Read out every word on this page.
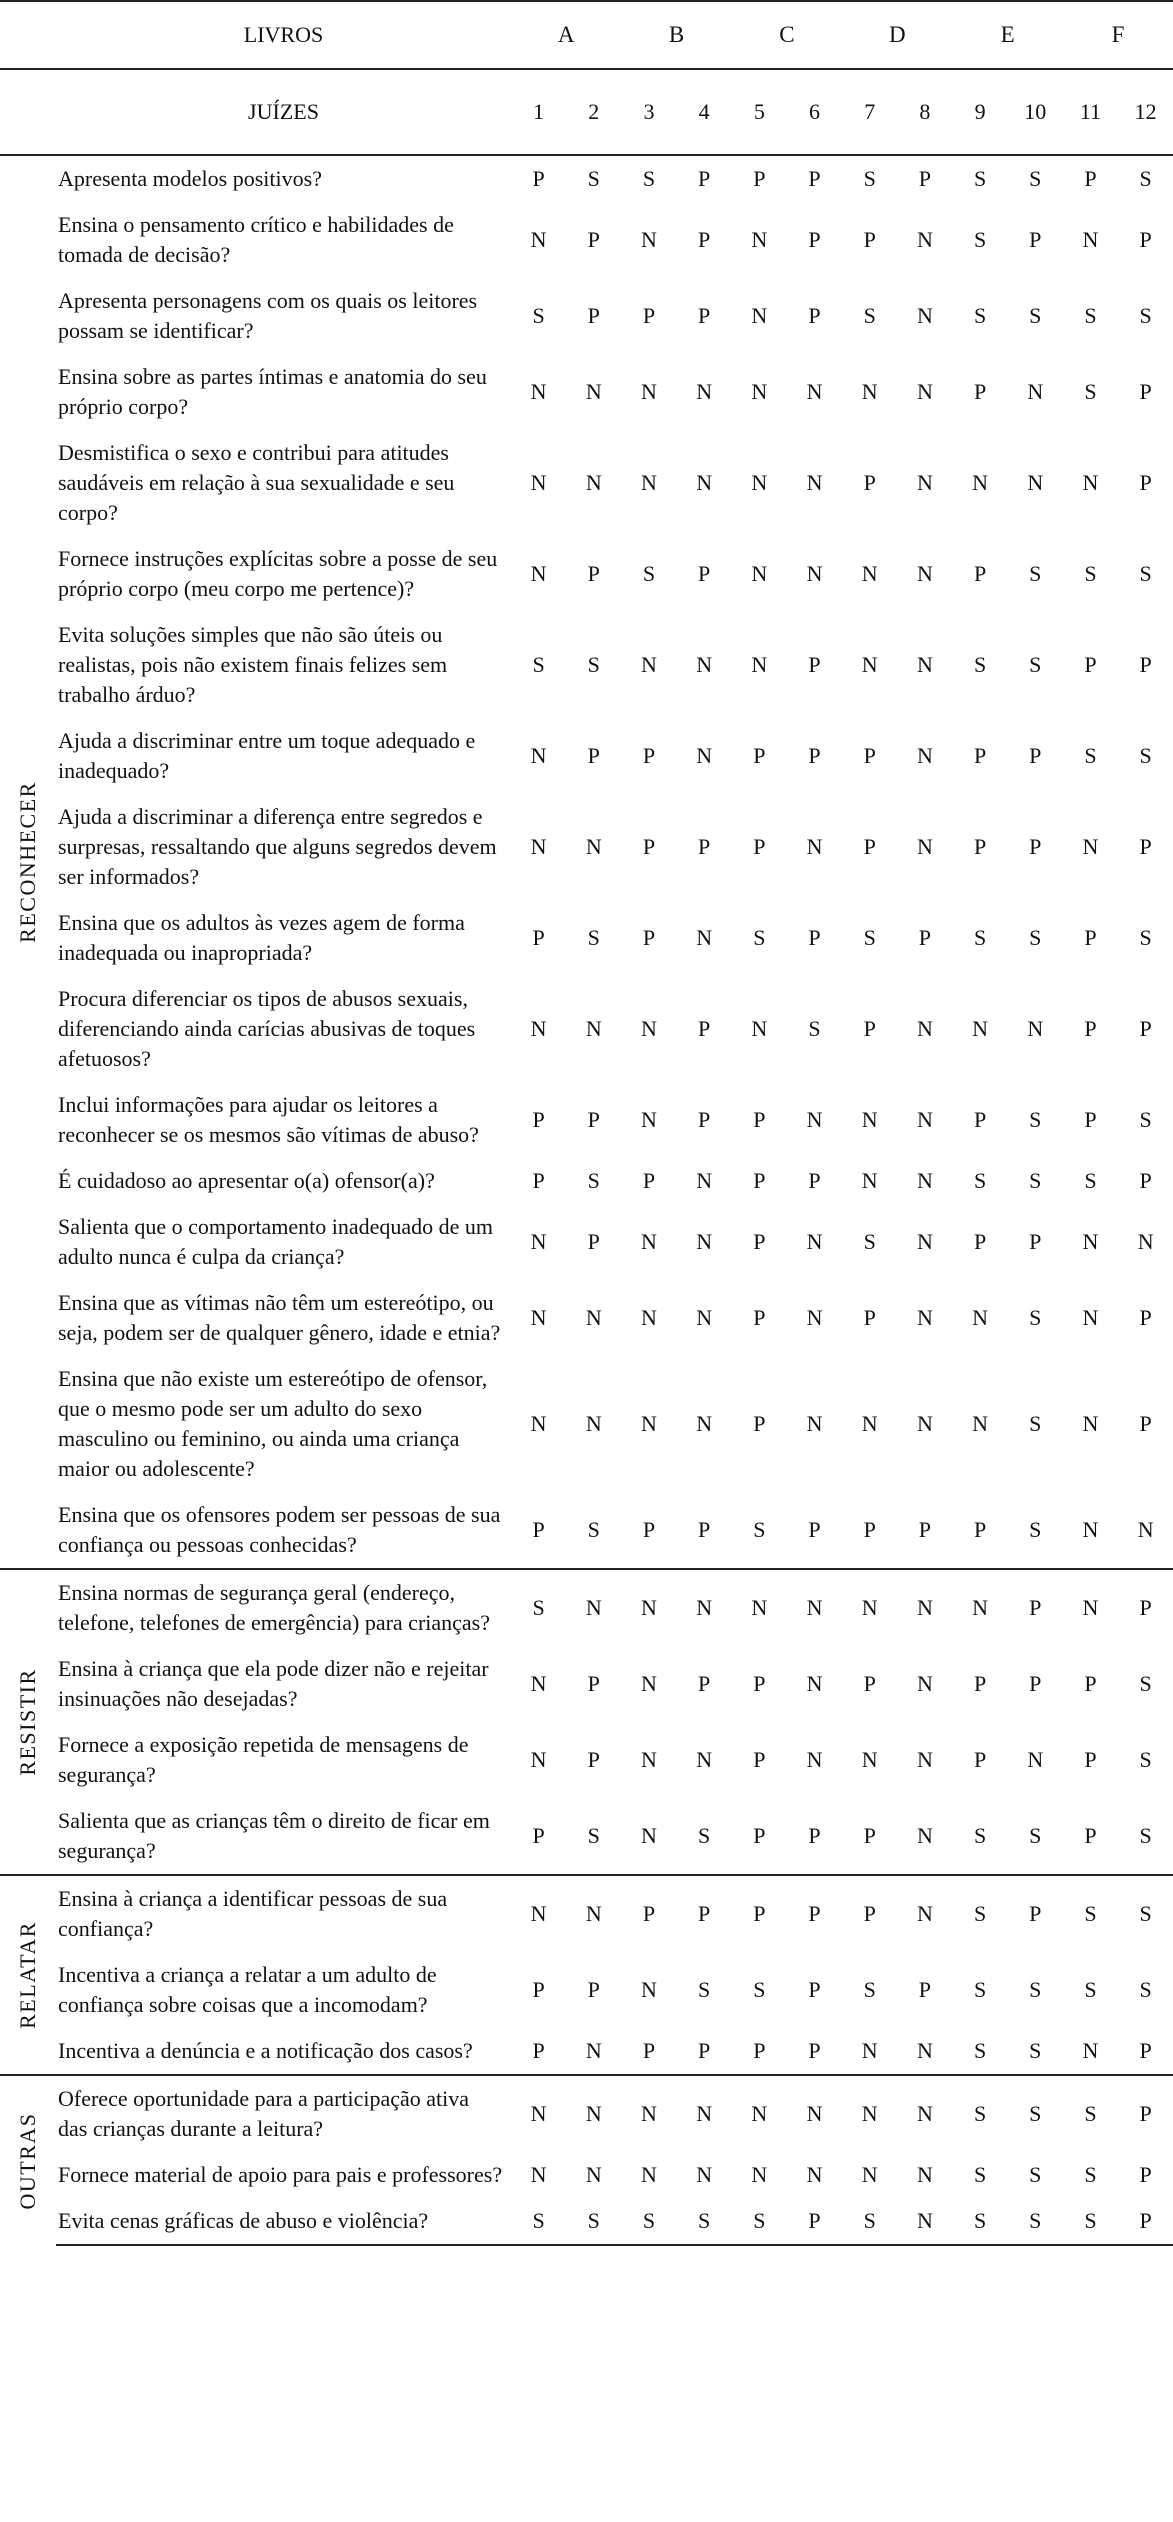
	LIVROS	A		B		C		D		E		F	
	JUÍZES	1	2	3	4	5	6	7	8	9	10	11	12

RECONHECER	Apresenta modelos positivos?	P	S	S	P	P	P	S	P	S	S	P	S
	Ensina o pensamento crítico e habilidades de tomada de decisão?	N	P	N	P	N	P	P	N	S	P	N	P
	Apresenta personagens com os quais os leitores possam se identificar?	S	P	P	P	N	P	S	N	S	S	S	S
	Ensina sobre as partes íntimas e anatomia do seu próprio corpo?	N	N	N	N	N	N	N	N	P	N	S	P
	Desmistifica o sexo e contribui para atitudes saudáveis em relação à sua sexualidade e seu corpo?	N	N	N	N	N	N	P	N	N	N	N	P
	Fornece instruções explícitas sobre a posse de seu próprio corpo (meu corpo me pertence)?	N	P	S	P	N	N	N	N	P	S	S	S
	Evita soluções simples que não são úteis ou realistas, pois não existem finais felizes sem trabalho árduo?	S	S	N	N	N	P	N	N	S	S	P	P
	Ajuda a discriminar entre um toque adequado e inadequado?	N	P	P	N	P	P	P	N	P	P	S	S
	Ajuda a discriminar a diferença entre segredos e surpresas, ressaltando que alguns segredos devem ser informados?	N	N	P	P	P	N	P	N	P	P	N	P
	Ensina que os adultos às vezes agem de forma inadequada ou inapropriada?	P	S	P	N	S	P	S	P	S	S	P	S
	Procura diferenciar os tipos de abusos sexuais, diferenciando ainda carícias abusivas de toques afetuosos?	N	N	N	P	N	S	P	N	N	N	P	P
	Inclui informações para ajudar os leitores a reconhecer se os mesmos são vítimas de abuso?	P	P	N	P	P	N	N	N	P	S	P	S
	É cuidadoso ao apresentar o(a) ofensor(a)?	P	S	P	N	P	P	N	N	S	S	S	P
	Salienta que o comportamento inadequado de um adulto nunca é culpa da criança?	N	P	N	N	P	N	S	N	P	P	N	N
	Ensina que as vítimas não têm um estereótipo, ou seja, podem ser de qualquer gênero, idade e etnia?	N	N	N	N	P	N	P	N	N	S	N	P
	Ensina que não existe um estereótipo de ofensor, que o mesmo pode ser um adulto do sexo masculino ou feminino, ou ainda uma criança maior ou adolescente?	N	N	N	N	P	N	N	N	N	S	N	P
	Ensina que os ofensores podem ser pessoas de sua confiança ou pessoas conhecidas?	P	S	P	P	S	P	P	P	P	S	N	N

RESISTIR	Ensina normas de segurança geral (endereço, telefone, telefones de emergência) para crianças?	S	N	N	N	N	N	N	N	N	P	N	P
	Ensina à criança que ela pode dizer não e rejeitar insinuações não desejadas?	N	P	N	P	P	N	P	N	P	P	P	S
	Fornece a exposição repetida de mensagens de segurança?	N	P	N	N	P	N	N	N	P	N	P	S
	Salienta que as crianças têm o direito de ficar em segurança?	P	S	N	S	P	P	P	N	S	S	P	S

RELATAR	Ensina à criança a identificar pessoas de sua confiança?	N	N	P	P	P	P	P	N	S	P	S	S
	Incentiva a criança a relatar a um adulto de confiança sobre coisas que a incomodam?	P	P	N	S	S	P	S	P	S	S	S	S
	Incentiva a denúncia e a notificação dos casos?	P	N	P	P	P	P	N	N	S	S	N	P

OUTRAS	Oferece oportunidade para a participação ativa das crianças durante a leitura?	N	N	N	N	N	N	N	N	S	S	S	P
	Fornece material de apoio para pais e professores?	N	N	N	N	N	N	N	N	S	S	S	P
	Evita cenas gráficas de abuso e violência?	S	S	S	S	S	P	S	N	S	S	S	P
